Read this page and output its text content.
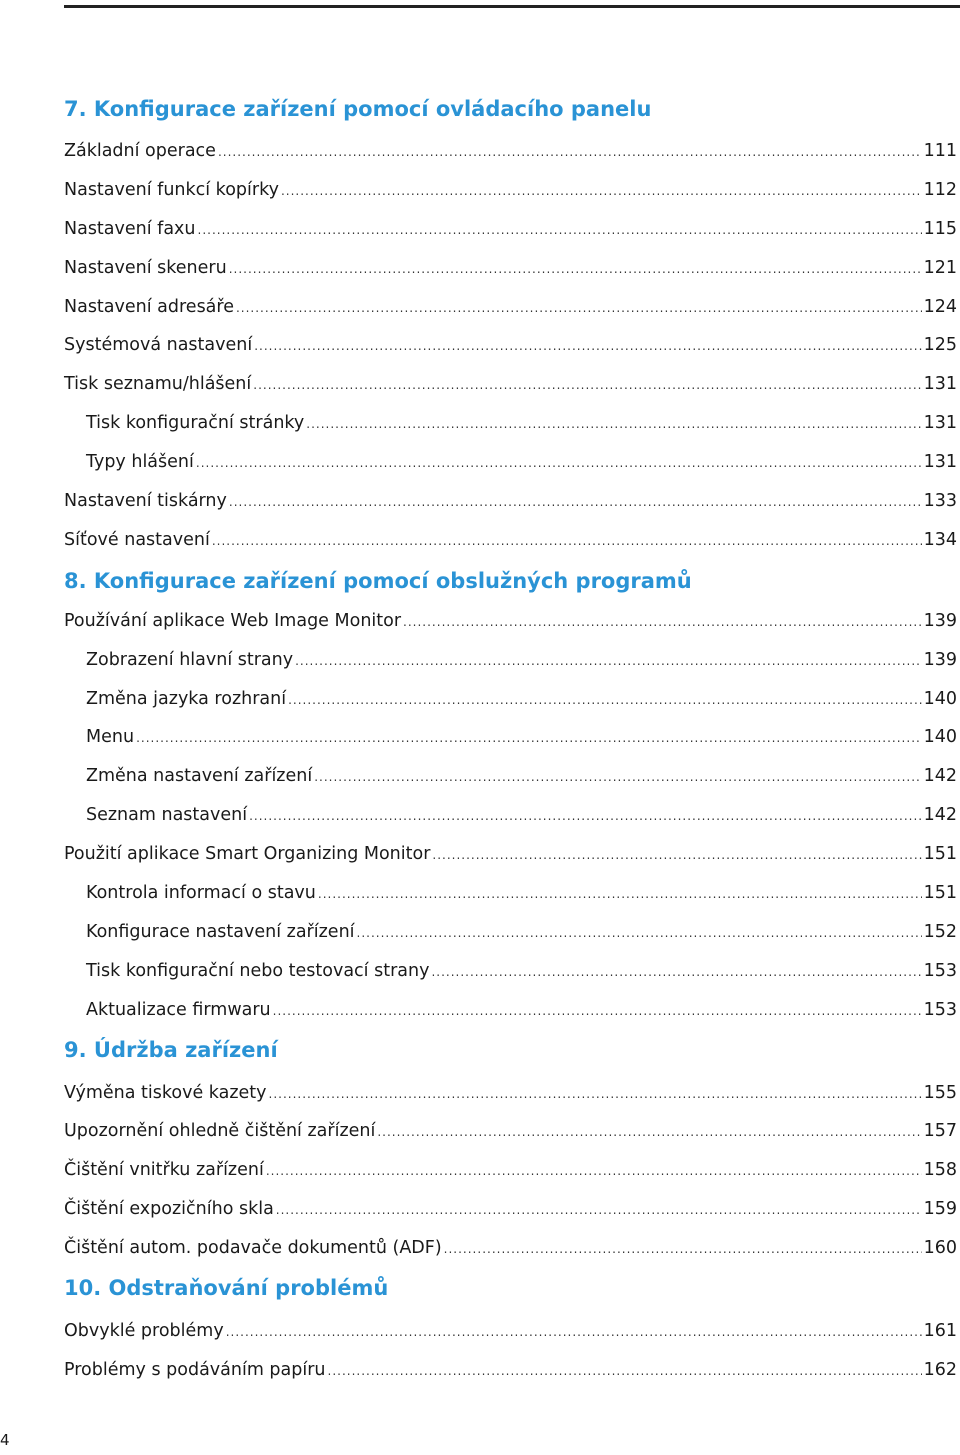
7. Konfigurace zařízení pomocí ovládacího panelu
Základní operace .....	111
Nastavení funkcí kopírky .....	112
Nastavení faxu .....	115
Nastavení skeneru .....	121
Nastavení adresáře .....	124
Systémová nastavení .....	125
Tisk seznamu/hlášení .....	131
Tisk konfigurační stránky .....	131
Typy hlášení .....	131
Nastavení tiskárny .....	133
Síťové nastavení .....	134
8. Konfigurace zařízení pomocí obslužných programů
Používání aplikace Web Image Monitor .....	139
Zobrazení hlavní strany .....	139
Změna jazyka rozhraní .....	140
Menu .....	140
Změna nastavení zařízení .....	142
Seznam nastavení .....	142
Použití aplikace Smart Organizing Monitor .....	151
Kontrola informací o stavu .....	151
Konfigurace nastavení zařízení .....	152
Tisk konfigurační nebo testovací strany .....	153
Aktualizace firmwaru .....	153
9. Údržba zařízení
Výměna tiskové kazety .....	155
Upozornění ohledně čištění zařízení .....	157
Čištění vnitřku zařízení .....	158
Čištění expozičního skla .....	159
Čištění autom. podavače dokumentů (ADF) .....	160
10. Odstraňování problémů
Obvyklé problémy .....	161
Problémy s podáváním papíru .....	162
4
